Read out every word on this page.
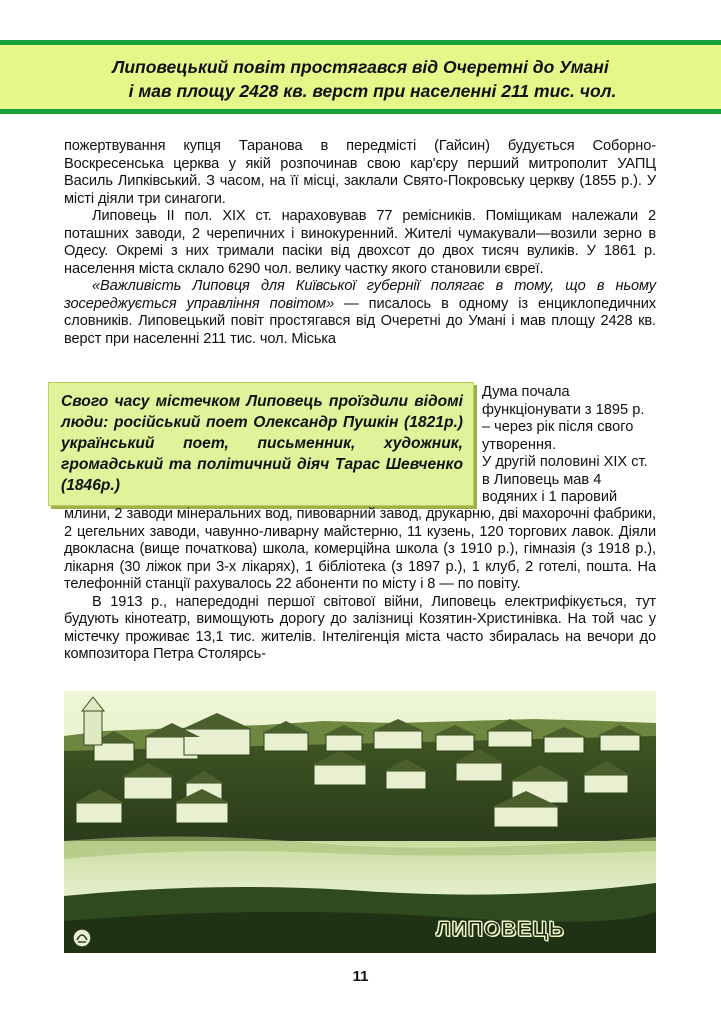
Липовецький повіт простягався від Очеретні до Умані
і мав площу 2428 кв. верст при населенні 211 тис. чол.

пожертвування купця Таранова в передмісті (Гайсин) будується Соборно-Воскресенська церква у якій розпочинав свою кар'єру перший митрополит УАПЦ Василь Липківський. З часом, на її місці, заклали Свято-Покровську церкву (1855 р.). У місті діяли три синагоги.

Липовець ІІ пол. ХІХ ст. нараховував 77 ремісників. Поміщикам належали 2 поташних заводи, 2 черепичних і винокуренний. Жителі чумакували—возили зерно в Одесу. Окремі з них тримали пасіки від двохсот до двох тисяч вуликів. У 1861 р. населення міста склало 6290 чол. велику частку якого становили євреї.

«Важливість Липовця для Київської губернії полягає в тому, що в ньому зосереджується управління повітом» — писалось в одному із енциклопедичних словників. Липовецький повіт простягався від Очеретні до Умані і мав площу 2428 кв. верст при населенні 211 тис. чол. Міська

Дума почала функціонувати з 1895 р. – через рік після свого утворення.

У другій половині ХІХ ст. в Липовець мав 4 водяних і 1 паровий

Свого часу містечком Липовець проїздили відомі люди: російський поет Олександр Пушкін (1821р.) український поет, письменник, художник, громадський та політичний діяч Тарас Шевченко (1846р.)

млини, 2 заводи мінеральних вод, пивоварний завод, друкарню, дві махорочні фабрики, 2 цегельних заводи, чавунно-ливарну майстерню, 11 кузень, 120 торгових лавок. Діяли двокласна (вище початкова) школа, комерційна школа (з 1910 р.), гімназія (з 1918 р.), лікарня (30 ліжок при 3-х лікарях), 1 бібліотека (з 1897 р.), 1 клуб, 2 готелі, пошта. На телефонній станції рахувалось 22 абоненти по місту і 8 — по повіту.

В 1913 р., напередодні першої світової війни, Липовець електрифікується, тут будують кінотеатр, вимощують дорогу до залізниці Козятин-Христинівка. На той час у містечку проживає 13,1 тис. жителів. Інтелігенція міста часто збиралась на вечори до композитора Петра Столярсь-

ЛИПОВЕЦЬ
11
